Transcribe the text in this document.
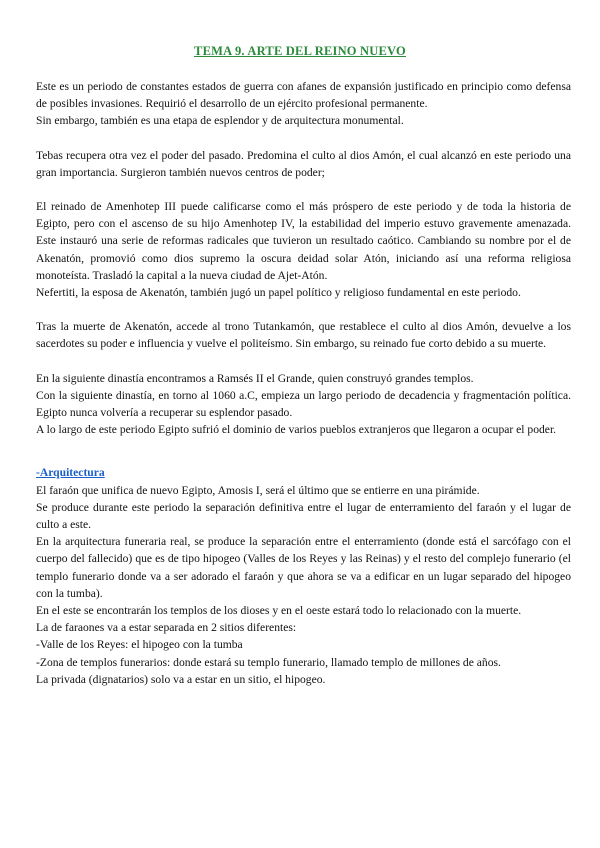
TEMA 9. ARTE DEL REINO NUEVO

Este es un periodo de constantes estados de guerra con afanes de expansión justificado en principio como defensa de posibles invasiones. Requirió el desarrollo de un ejército profesional permanente.

Sin embargo, también es una etapa de esplendor y de arquitectura monumental.

Tebas recupera otra vez el poder del pasado. Predomina el culto al dios Amón, el cual alcanzó en este periodo una gran importancia. Surgieron también nuevos centros de poder;

El reinado de Amenhotep III puede calificarse como el más próspero de este periodo y de toda la historia de Egipto, pero con el ascenso de su hijo Amenhotep IV, la estabilidad del imperio estuvo gravemente amenazada. Este instauró una serie de reformas radicales que tuvieron un resultado caótico. Cambiando su nombre por el de Akenatón, promovió como dios supremo la oscura deidad solar Atón, iniciando así una reforma religiosa monoteísta. Trasladó la capital a la nueva ciudad de Ajet-Atón.

Nefertiti, la esposa de Akenatón, también jugó un papel político y religioso fundamental en este periodo.

Tras la muerte de Akenatón, accede al trono Tutankamón, que restablece el culto al dios Amón, devuelve a los sacerdotes su poder e influencia y vuelve el politeísmo. Sin embargo, su reinado fue corto debido a su muerte.

En la siguiente dinastía encontramos a Ramsés II el Grande, quien construyó grandes templos.

Con la siguiente dinastía, en torno al 1060 a.C, empieza un largo periodo de decadencia y fragmentación política. Egipto nunca volvería a recuperar su esplendor pasado.

A lo largo de este periodo Egipto sufrió el dominio de varios pueblos extranjeros que llegaron a ocupar el poder.

-Arquitectura

El faraón que unifica de nuevo Egipto, Amosis I, será el último que se entierre en una pirámide.

Se produce durante este periodo la separación definitiva entre el lugar de enterramiento del faraón y el lugar de culto a este.

En la arquitectura funeraria real, se produce la separación entre el enterramiento (donde está el sarcófago con el cuerpo del fallecido) que es de tipo hipogeo (Valles de los Reyes y las Reinas) y el resto del complejo funerario (el templo funerario donde va a ser adorado el faraón y que ahora se va a edificar en un lugar separado del hipogeo con la tumba).

En el este se encontrarán los templos de los dioses y en el oeste estará todo lo relacionado con la muerte.

La de faraones va a estar separada en 2 sitios diferentes:

-Valle de los Reyes: el hipogeo con la tumba

-Zona de templos funerarios: donde estará su templo funerario, llamado templo de millones de años.

La privada (dignatarios) solo va a estar en un sitio, el hipogeo.
